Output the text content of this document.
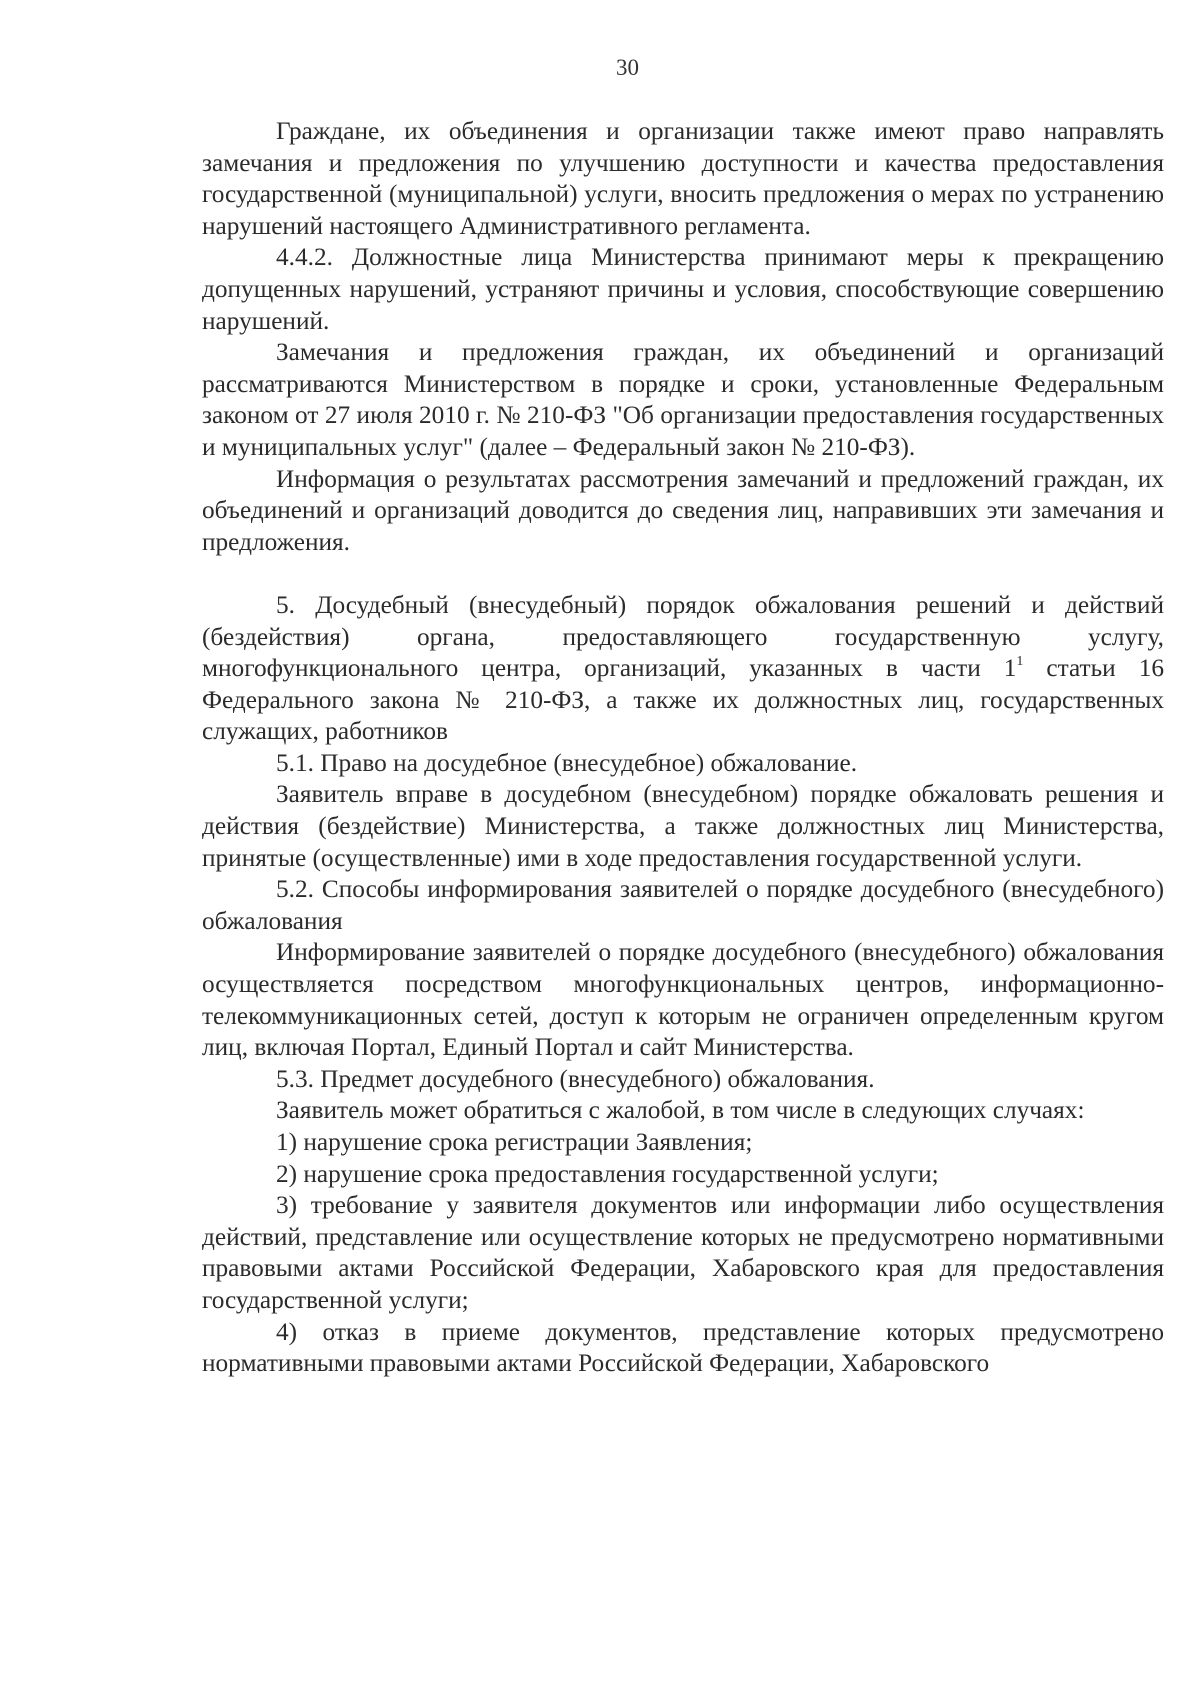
30

Граждане, их объединения и организации также имеют право направлять замечания и предложения по улучшению доступности и качества предоставления государственной (муниципальной) услуги, вносить предложения о мерах по устранению нарушений настоящего Административного регламента.

4.4.2. Должностные лица Министерства принимают меры к прекращению допущенных нарушений, устраняют причины и условия, способствующие совершению нарушений.

Замечания и предложения граждан, их объединений и организаций рассматриваются Министерством в порядке и сроки, установленные Федеральным законом от 27 июля 2010 г. № 210-ФЗ "Об организации предоставления государственных и муниципальных услуг" (далее – Федеральный закон № 210-ФЗ).

Информация о результатах рассмотрения замечаний и предложений граждан, их объединений и организаций доводится до сведения лиц, направивших эти замечания и предложения.

5. Досудебный (внесудебный) порядок обжалования решений и действий (бездействия) органа, предоставляющего государственную услугу, многофункционального центра, организаций, указанных в части $1^1$ статьи 16 Федерального закона № 210-ФЗ, а также их должностных лиц, государственных служащих, работников

5.1. Право на досудебное (внесудебное) обжалование.

Заявитель вправе в досудебном (внесудебном) порядке обжаловать решения и действия (бездействие) Министерства, а также должностных лиц Министерства, принятые (осуществленные) ими в ходе предоставления государственной услуги.

5.2. Способы информирования заявителей о порядке досудебного (внесудебного) обжалования

Информирование заявителей о порядке досудебного (внесудебного) обжалования осуществляется посредством многофункциональных центров, информационно-телекоммуникационных сетей, доступ к которым не ограничен определенным кругом лиц, включая Портал, Единый Портал и сайт Министерства.

5.3. Предмет досудебного (внесудебного) обжалования.

Заявитель может обратиться с жалобой, в том числе в следующих случаях:

1) нарушение срока регистрации Заявления;

2) нарушение срока предоставления государственной услуги;

3) требование у заявителя документов или информации либо осуществления действий, представление или осуществление которых не предусмотрено нормативными правовыми актами Российской Федерации, Хабаровского края для предоставления государственной услуги;

4) отказ в приеме документов, представление которых предусмотрено нормативными правовыми актами Российской Федерации, Хабаровского
